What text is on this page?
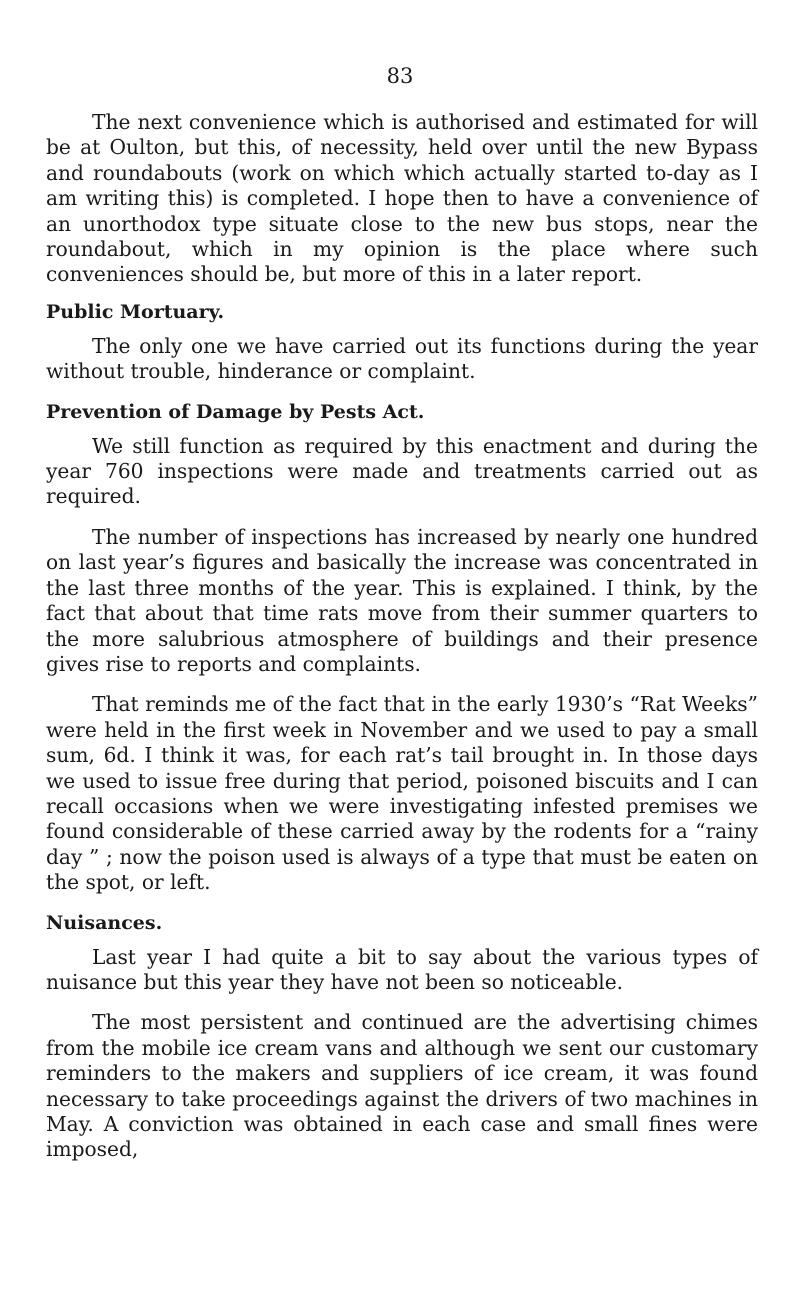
83

The next convenience which is authorised and estimated for will be at Oulton, but this, of necessity, held over until the new Bypass and roundabouts (work on which which actually started to-day as I am writing this) is completed. I hope then to have a convenience of an unorthodox type situate close to the new bus stops, near the roundabout, which in my opinion is the place where such conveniences should be, but more of this in a later report.

Public Mortuary.

The only one we have carried out its functions during the year without trouble, hinderance or complaint.

Prevention of Damage by Pests Act.

We still function as required by this enactment and during the year 760 inspections were made and treatments carried out as required.

The number of inspections has increased by nearly one hundred on last year’s figures and basically the increase was concentrated in the last three months of the year. This is explained. I think, by the fact that about that time rats move from their summer quarters to the more salubrious atmosphere of buildings and their presence gives rise to reports and complaints.

That reminds me of the fact that in the early 1930’s “Rat Weeks” were held in the first week in November and we used to pay a small sum, 6d. I think it was, for each rat’s tail brought in. In those days we used to issue free during that period, poisoned biscuits and I can recall occasions when we were investigating infested premises we found considerable of these carried away by the rodents for a “rainy day ” ; now the poison used is always of a type that must be eaten on the spot, or left.

Nuisances.

Last year I had quite a bit to say about the various types of nuisance but this year they have not been so noticeable.

The most persistent and continued are the advertising chimes from the mobile ice cream vans and although we sent our customary reminders to the makers and suppliers of ice cream, it was found necessary to take proceedings against the drivers of two machines in May. A conviction was obtained in each case and small fines were imposed,
